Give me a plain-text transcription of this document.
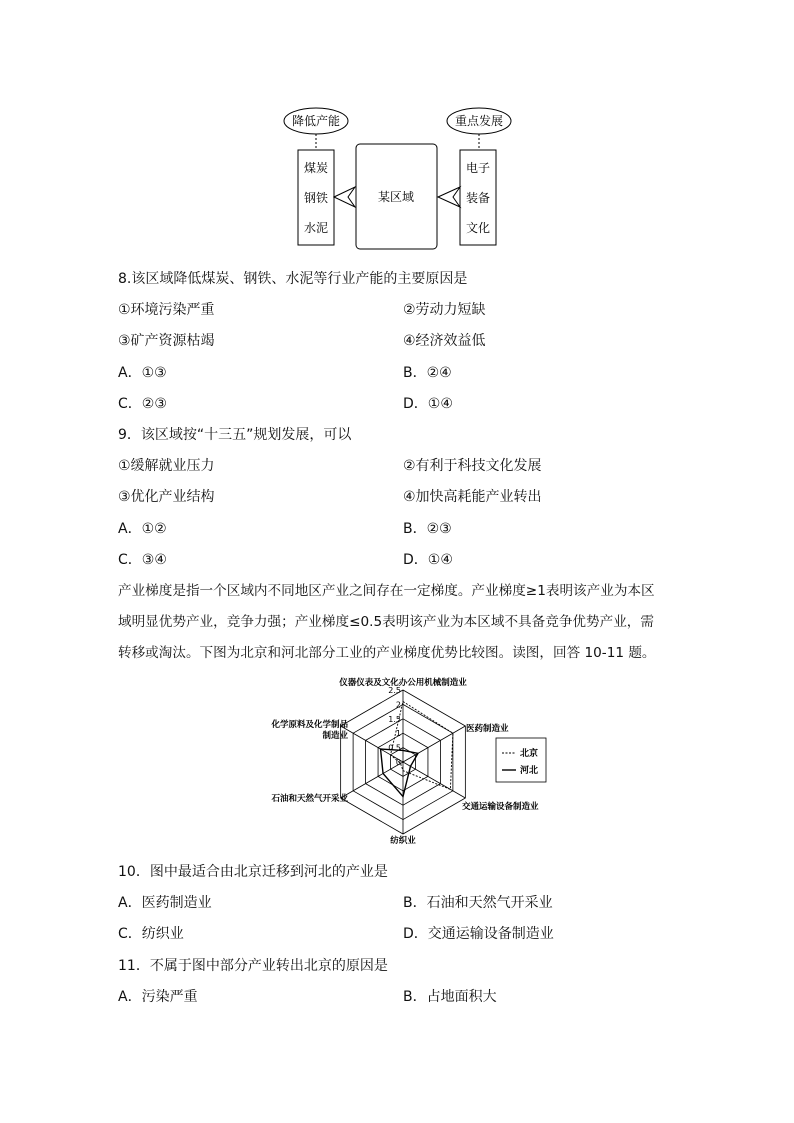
降低产能	重点发展
煤炭
钢铁
水泥
某区域
电子
装备
文化
8.该区域降低煤炭、钢铁、水泥等行业产能的主要原因是
①环境污染严重	②劳动力短缺
③矿产资源枯竭	④经济效益低
A．①③	B．②④
C．②③	D．①④
9．该区域按“十三五”规划发展，可以
①缓解就业压力	②有利于科技文化发展
③优化产业结构	④加快高耗能产业转出
A．①②	B．②③
C．③④	D．①④
产业梯度是指一个区域内不同地区产业之间存在一定梯度。产业梯度≥1表明该产业为本区
域明显优势产业，竞争力强；产业梯度≤0.5表明该产业为本区域不具备竞争优势产业，需
转移或淘汰。下图为北京和河北部分工业的产业梯度优势比较图。读图，回答 10-11 题。
0
0.5
1
1.5
2
2.5
仪器仪表及文化办公用机械制造业
医药制造业
交通运输设备制造业
纺织业
石油和天然气开采业
化学原料及化学制品
制造业
北京
河北
10．图中最适合由北京迁移到河北的产业是
A．医药制造业	B．石油和天然气开采业
C．纺织业	D．交通运输设备制造业
11．不属于图中部分产业转出北京的原因是
A．污染严重	B．占地面积大
